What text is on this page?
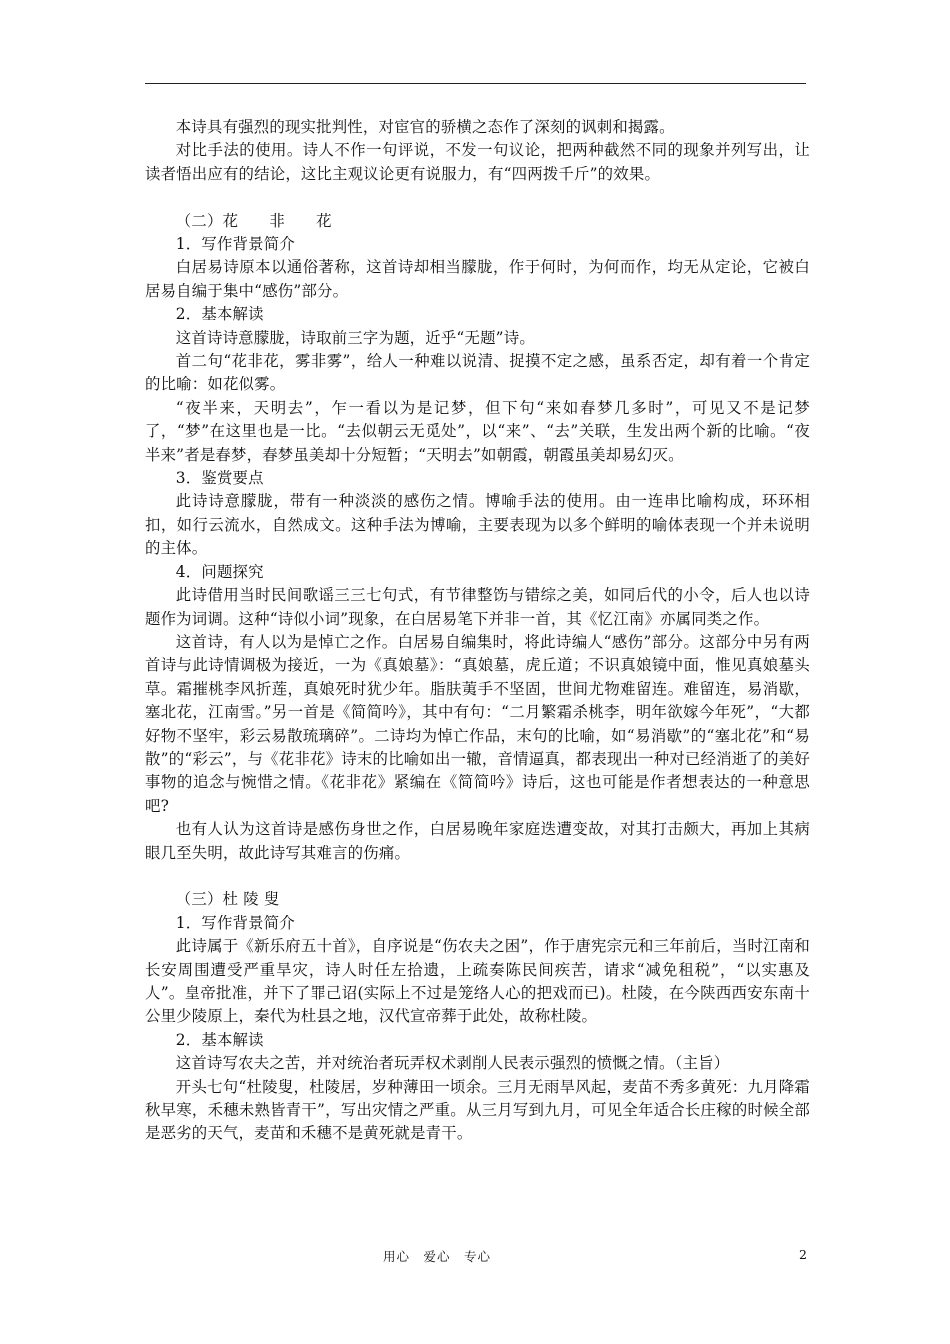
本诗具有强烈的现实批判性，对宦官的骄横之态作了深刻的讽刺和揭露。

对比手法的使用。诗人不作一句评说，不发一句议论，把两种截然不同的现象并列写出，让读者悟出应有的结论，这比主观议论更有说服力，有“四两拨千斤”的效果。

（二）花　　非　　花

1．写作背景简介

白居易诗原本以通俗著称，这首诗却相当朦胧，作于何时，为何而作，均无从定论，它被白居易自编于集中“感伤”部分。

2．基本解读

这首诗诗意朦胧，诗取前三字为题，近乎“无题”诗。

首二句“花非花，雾非雾”，给人一种难以说清、捉摸不定之感，虽系否定，却有着一个肯定的比喻：如花似雾。

“夜半来，天明去”，乍一看以为是记梦，但下句“来如春梦几多时”，可见又不是记梦了，“梦”在这里也是一比。“去似朝云无觅处”，以“来”、“去”关联，生发出两个新的比喻。“夜半来”者是春梦，春梦虽美却十分短暂；“天明去”如朝霞，朝霞虽美却易幻灭。

3．鉴赏要点

此诗诗意朦胧，带有一种淡淡的感伤之情。博喻手法的使用。由一连串比喻构成，环环相扣，如行云流水，自然成文。这种手法为博喻，主要表现为以多个鲜明的喻体表现一个并未说明的主体。

4．问题探究

此诗借用当时民间歌谣三三七句式，有节律整饬与错综之美，如同后代的小令，后人也以诗题作为词调。这种“诗似小词”现象，在白居易笔下并非一首，其《忆江南》亦属同类之作。

这首诗，有人以为是悼亡之作。白居易自编集时，将此诗编人“感伤”部分。这部分中另有两首诗与此诗情调极为接近，一为《真娘墓》：“真娘墓，虎丘道；不识真娘镜中面，惟见真娘墓头草。霜摧桃李风折莲，真娘死时犹少年。脂肤荑手不坚固，世间尤物难留连。难留连，易消歇，塞北花，江南雪。”另一首是《简简吟》，其中有句：“二月繁霜杀桃李，明年欲嫁今年死”，“大都好物不坚牢，彩云易散琉璃碎”。二诗均为悼亡作品，末句的比喻，如“易消歇”的“塞北花”和“易散”的“彩云”，与《花非花》诗末的比喻如出一辙，音情逼真，都表现出一种对已经消逝了的美好事物的追念与惋惜之情。《花非花》紧编在《简简吟》诗后，这也可能是作者想表达的一种意思吧?

也有人认为这首诗是感伤身世之作，白居易晚年家庭迭遭变故，对其打击颇大，再加上其病眼几至失明，故此诗写其难言的伤痛。

（三）杜 陵 叟

1．写作背景简介

此诗属于《新乐府五十首》，自序说是“伤农夫之困”，作于唐宪宗元和三年前后，当时江南和长安周围遭受严重旱灾，诗人时任左拾遗，上疏奏陈民间疾苦，请求“减免租税”，“以实惠及人”。皇帝批准，并下了罪己诏(实际上不过是笼络人心的把戏而已)。杜陵，在今陕西西安东南十公里少陵原上，秦代为杜县之地，汉代宣帝葬于此处，故称杜陵。

2．基本解读

这首诗写农夫之苦，并对统治者玩弄权术剥削人民表示强烈的愤慨之情。（主旨）

开头七句“杜陵叟，杜陵居，岁种薄田一顷余。三月无雨旱风起，麦苗不秀多黄死：九月降霜秋早寒，禾穗未熟皆青干”，写出灾情之严重。从三月写到九月，可见全年适合长庄稼的时候全部是恶劣的天气，麦苗和禾穗不是黄死就是青干。

用心　爱心　专心	2
